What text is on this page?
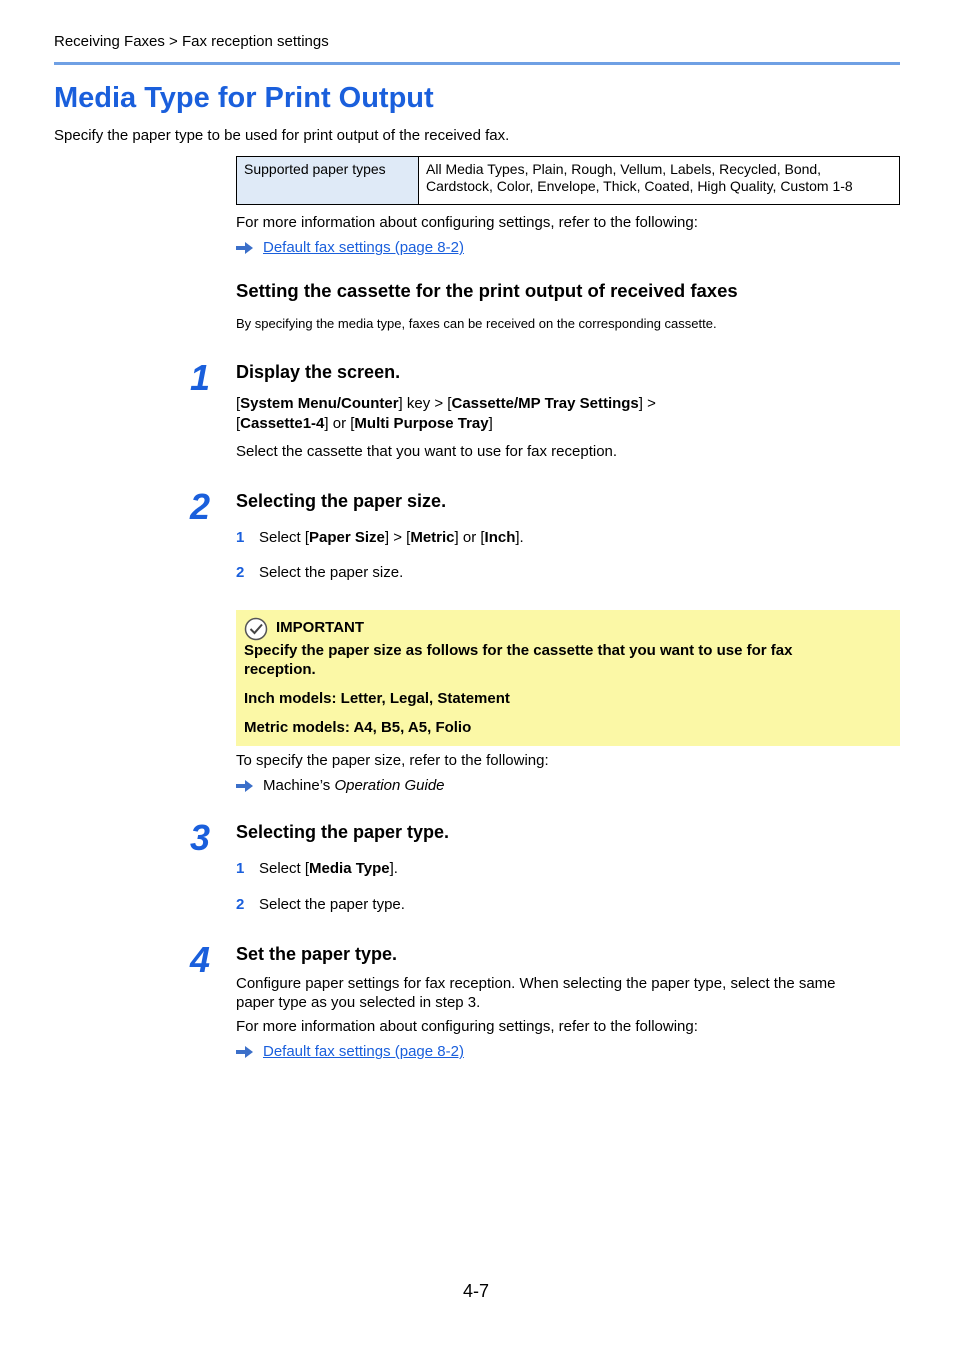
Receiving Faxes > Fax reception settings
Media Type for Print Output
Specify the paper type to be used for print output of the received fax.
Supported paper types	All Media Types, Plain, Rough, Vellum, Labels, Recycled, Bond,
Cardstock, Color, Envelope, Thick, Coated, High Quality, Custom 1-8
For more information about configuring settings, refer to the following:
Default fax settings (page 8-2)
Setting the cassette for the print output of received faxes
By specifying the media type, faxes can be received on the corresponding cassette.
1 Display the screen.
[System Menu/Counter] key > [Cassette/MP Tray Settings] >
[Cassette1-4] or [Multi Purpose Tray]
Select the cassette that you want to use for fax reception.
2 Selecting the paper size.
1 Select [Paper Size] > [Metric] or [Inch].
2 Select the paper size.
IMPORTANT
Specify the paper size as follows for the cassette that you want to use for fax
reception.
Inch models: Letter, Legal, Statement
Metric models: A4, B5, A5, Folio
To specify the paper size, refer to the following:
Machine’s Operation Guide
3 Selecting the paper type.
1 Select [Media Type].
2 Select the paper type.
4 Set the paper type.
Configure paper settings for fax reception. When selecting the paper type, select the same
paper type as you selected in step 3.
For more information about configuring settings, refer to the following:
Default fax settings (page 8-2)
4-7
